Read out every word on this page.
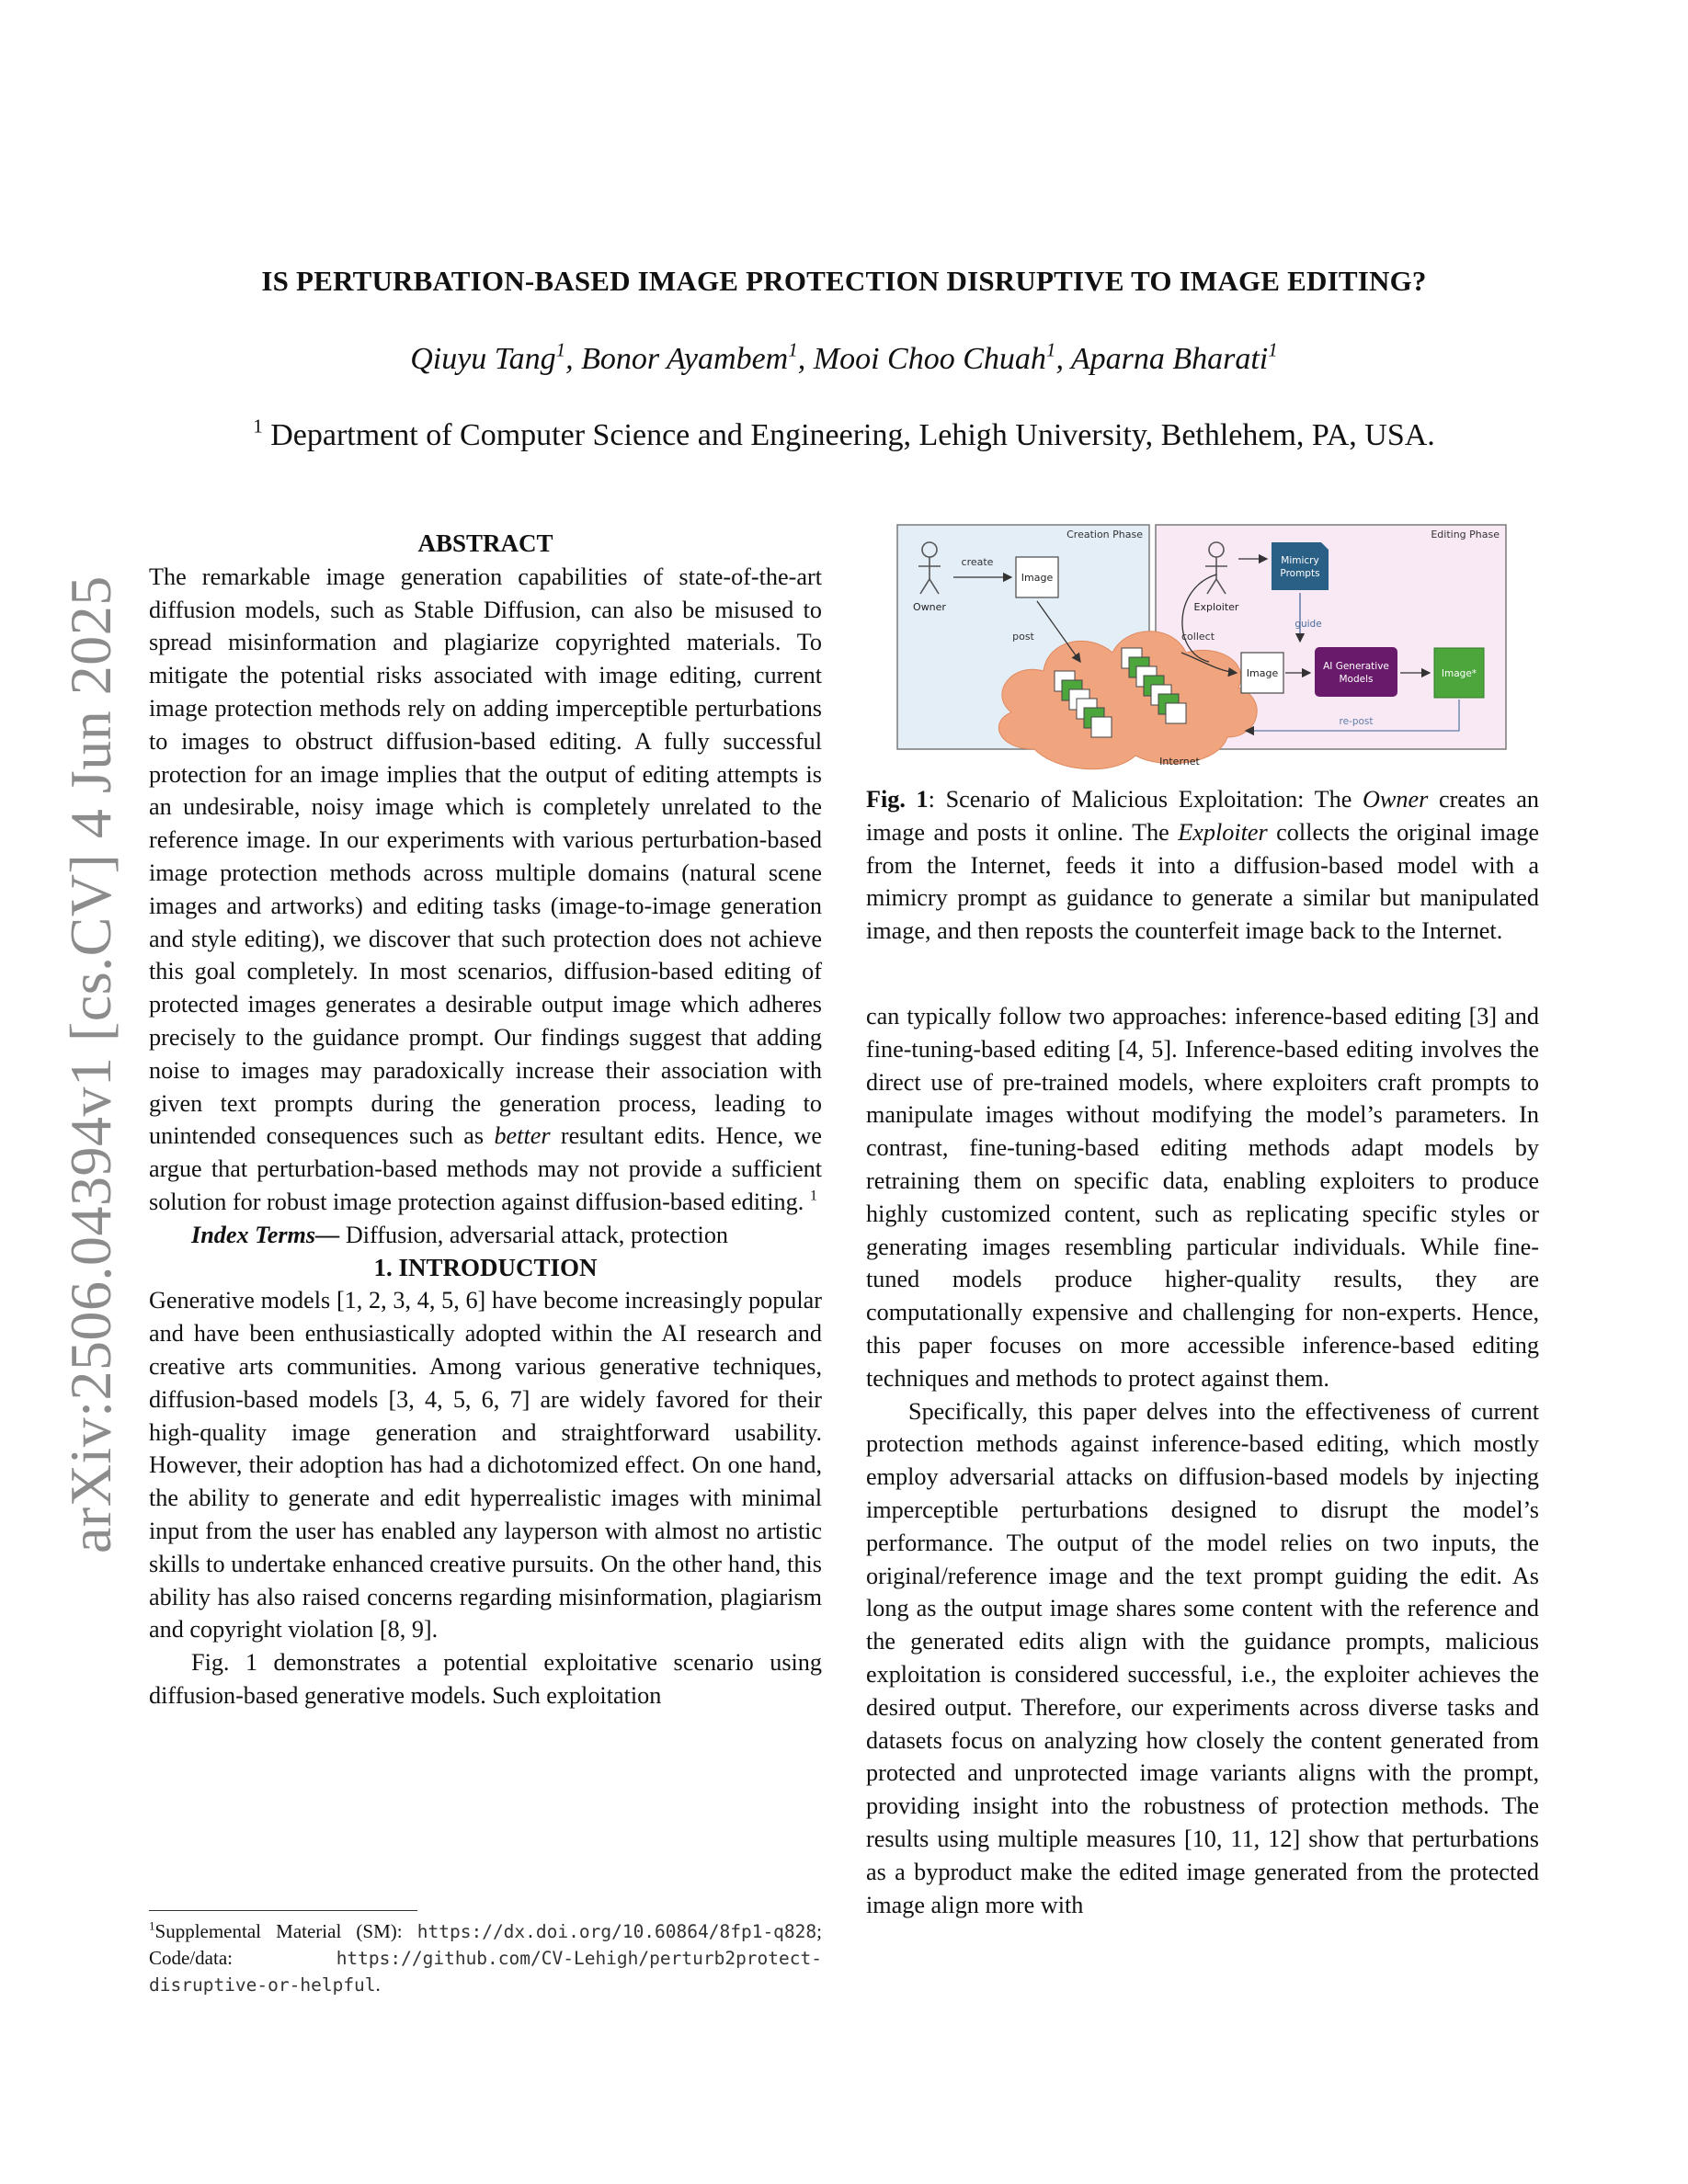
arXiv:2506.04394v1 [cs.CV] 4 Jun 2025
IS PERTURBATION-BASED IMAGE PROTECTION DISRUPTIVE TO IMAGE EDITING?
Qiuyu Tang$^1$, Bonor Ayambem$^1$, Mooi Choo Chuah$^1$, Aparna Bharati$^1$
$^1$ Department of Computer Science and Engineering, Lehigh University, Bethlehem, PA, USA.

ABSTRACT

The remarkable image generation capabilities of state-of-the-art diffusion models, such as Stable Diffusion, can also be misused to spread misinformation and plagiarize copyrighted materials. To mitigate the potential risks associated with image editing, current image protection methods rely on adding imperceptible perturbations to images to obstruct diffusion-based editing. A fully successful protection for an image implies that the output of editing attempts is an undesirable, noisy image which is completely unrelated to the reference image. In our experiments with various perturbation-based image protection methods across multiple domains (natural scene images and artworks) and editing tasks (image-to-image generation and style editing), we discover that such protection does not achieve this goal completely. In most scenarios, diffusion-based editing of protected images generates a desirable output image which adheres precisely to the guidance prompt. Our findings suggest that adding noise to images may paradoxically increase their association with given text prompts during the generation process, leading to unintended consequences such as better resultant edits. Hence, we argue that perturbation-based methods may not provide a sufficient solution for robust image protection against diffusion-based editing. $^1$

Index Terms— Diffusion, adversarial attack, protection

1. INTRODUCTION

Generative models [1, 2, 3, 4, 5, 6] have become increasingly popular and have been enthusiastically adopted within the AI research and creative arts communities. Among various generative techniques, diffusion-based models [3, 4, 5, 6, 7] are widely favored for their high-quality image generation and straightforward usability. However, their adoption has had a dichotomized effect. On one hand, the ability to generate and edit hyperrealistic images with minimal input from the user has enabled any layperson with almost no artistic skills to undertake enhanced creative pursuits. On the other hand, this ability has also raised concerns regarding misinformation, plagiarism and copyright violation [8, 9].

Fig. 1 demonstrates a potential exploitative scenario using diffusion-based generative models. Such exploitation

$^1$Supplemental Material (SM): https://dx.doi.org/10.60864/8fp1-q828; Code/data: https://github.com/CV-Lehigh/perturb2protect-disruptive-or-helpful.
Creation Phase	Editing Phase
Owner
create
Image
Internet
post
Exploiter
Mimicry
Prompts
guide
collect
Image
AI Generative
Models	Image*
re-post
Fig. 1: Scenario of Malicious Exploitation: The Owner creates an image and posts it online. The Exploiter collects the original image from the Internet, feeds it into a diffusion-based model with a mimicry prompt as guidance to generate a similar but manipulated image, and then reposts the counterfeit image back to the Internet.

can typically follow two approaches: inference-based editing [3] and fine-tuning-based editing [4, 5]. Inference-based editing involves the direct use of pre-trained models, where exploiters craft prompts to manipulate images without modifying the model’s parameters. In contrast, fine-tuning-based editing methods adapt models by retraining them on specific data, enabling exploiters to produce highly customized content, such as replicating specific styles or generating images resembling particular individuals. While fine-tuned models produce higher-quality results, they are computationally expensive and challenging for non-experts. Hence, this paper focuses on more accessible inference-based editing techniques and methods to protect against them.

Specifically, this paper delves into the effectiveness of current protection methods against inference-based editing, which mostly employ adversarial attacks on diffusion-based models by injecting imperceptible perturbations designed to disrupt the model’s performance. The output of the model relies on two inputs, the original/reference image and the text prompt guiding the edit. As long as the output image shares some content with the reference and the generated edits align with the guidance prompts, malicious exploitation is considered successful, i.e., the exploiter achieves the desired output. Therefore, our experiments across diverse tasks and datasets focus on analyzing how closely the content generated from protected and unprotected image variants aligns with the prompt, providing insight into the robustness of protection methods. The results using multiple measures [10, 11, 12] show that perturbations as a byproduct make the edited image generated from the protected image align more with
